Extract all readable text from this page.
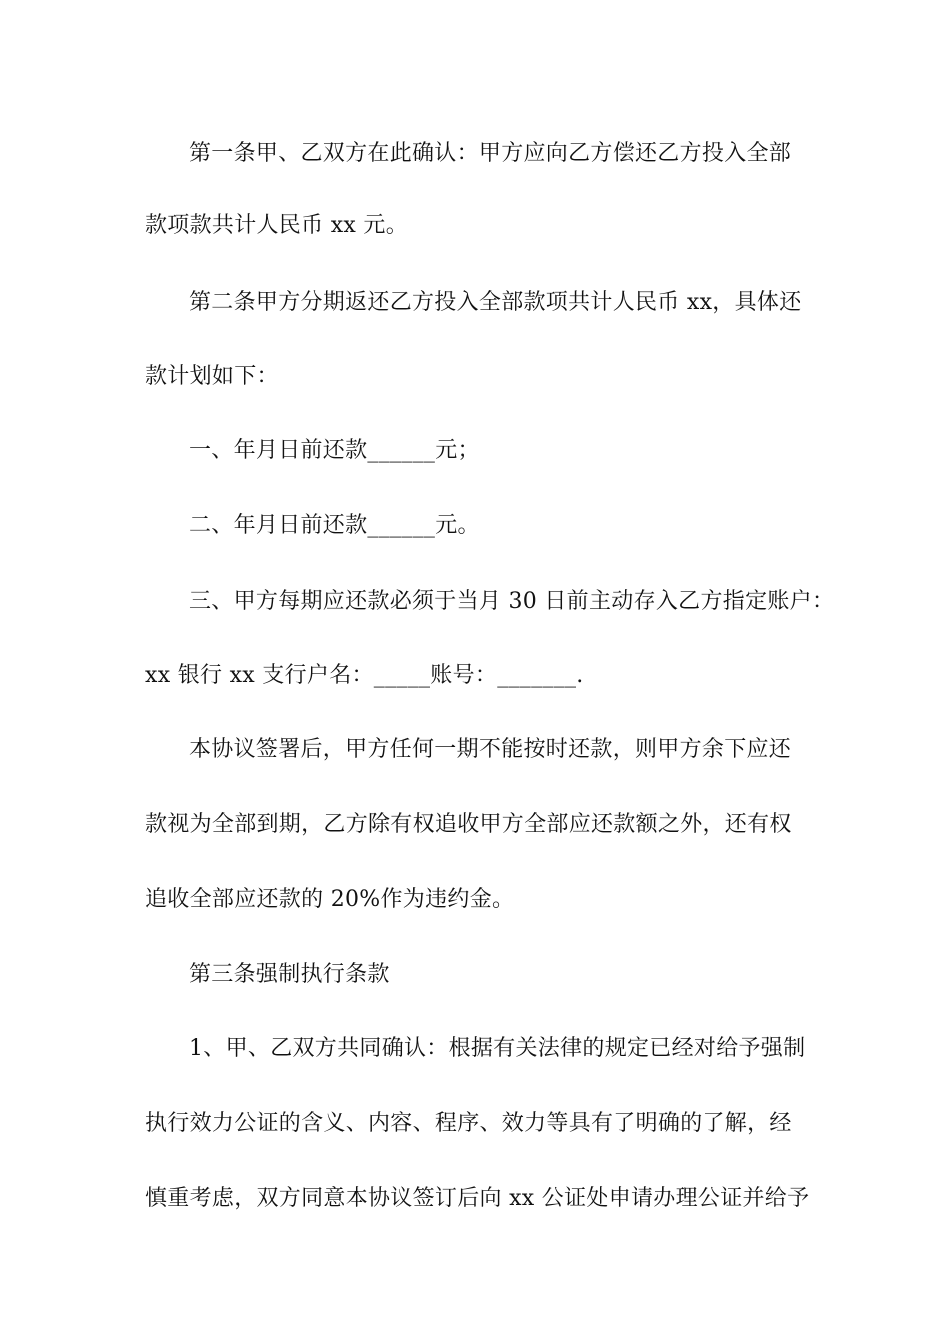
第一条甲、乙双方在此确认：甲方应向乙方偿还乙方投入全部
款项款共计人民币 xx 元。
第二条甲方分期返还乙方投入全部款项共计人民币 xx，具体还
款计划如下：
一、年月日前还款______元；
二、年月日前还款______元。
三、甲方每期应还款必须于当月 30 日前主动存入乙方指定账户：
xx 银行 xx 支行户名：_____账号：_______.
本协议签署后，甲方任何一期不能按时还款，则甲方余下应还
款视为全部到期，乙方除有权追收甲方全部应还款额之外，还有权
追收全部应还款的 20%作为违约金。
第三条强制执行条款
1、甲、乙双方共同确认：根据有关法律的规定已经对给予强制
执行效力公证的含义、内容、程序、效力等具有了明确的了解，经
慎重考虑，双方同意本协议签订后向 xx 公证处申请办理公证并给予
